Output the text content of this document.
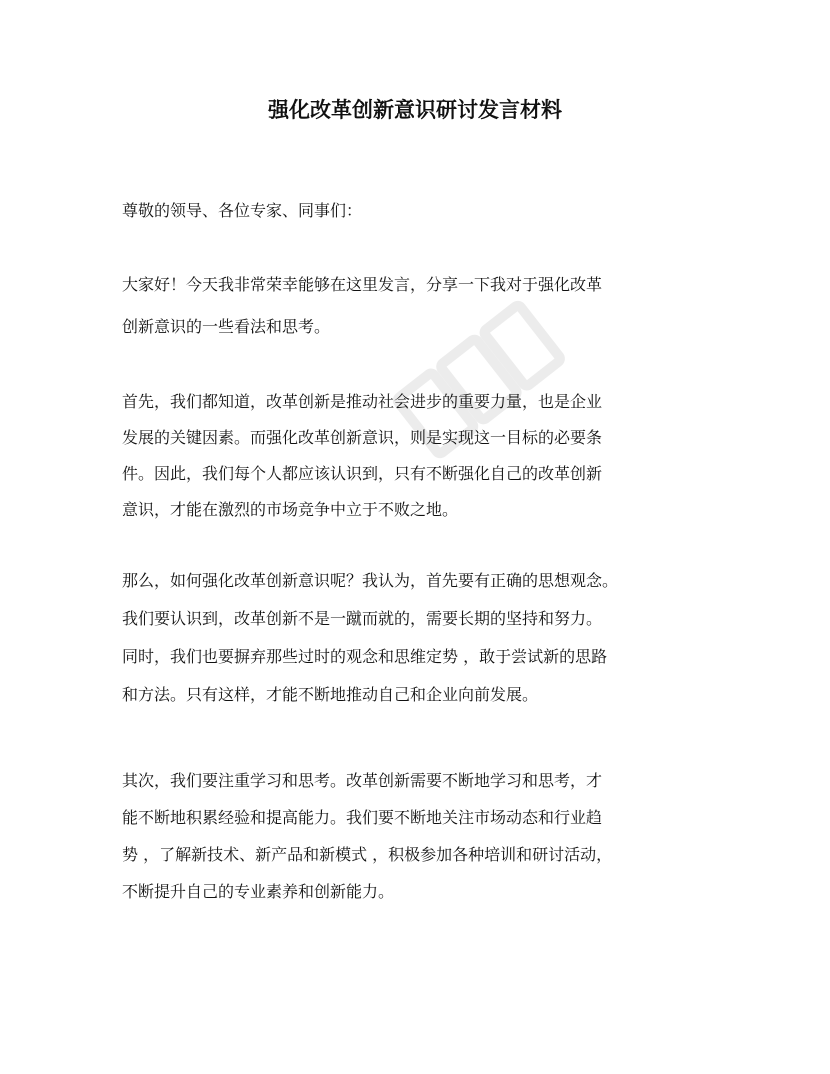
强化改革创新意识研讨发言材料
尊敬的领导、各位专家、同事们：
大家好！今天我非常荣幸能够在这里发言，分享一下我对于强化改革
创新意识的一些看法和思考。
首先，我们都知道，改革创新是推动社会进步的重要力量，也是企业
发展的关键因素。而强化改革创新意识，则是实现这一目标的必要条
件。因此，我们每个人都应该认识到，只有不断强化自己的改革创新
意识，才能在激烈的市场竞争中立于不败之地。
那么，如何强化改革创新意识呢？我认为，首先要有正确的思想观念。
我们要认识到，改革创新不是一蹴而就的，需要长期的坚持和努力。
同时，我们也要摒弃那些过时的观念和思维定势 ，敢于尝试新的思路
和方法。只有这样，才能不断地推动自己和企业向前发展。
其次，我们要注重学习和思考。改革创新需要不断地学习和思考，才
能不断地积累经验和提高能力。我们要不断地关注市场动态和行业趋
势 ，了解新技术、新产品和新模式 ，积极参加各种培训和研讨活动，
不断提升自己的专业素养和创新能力。
